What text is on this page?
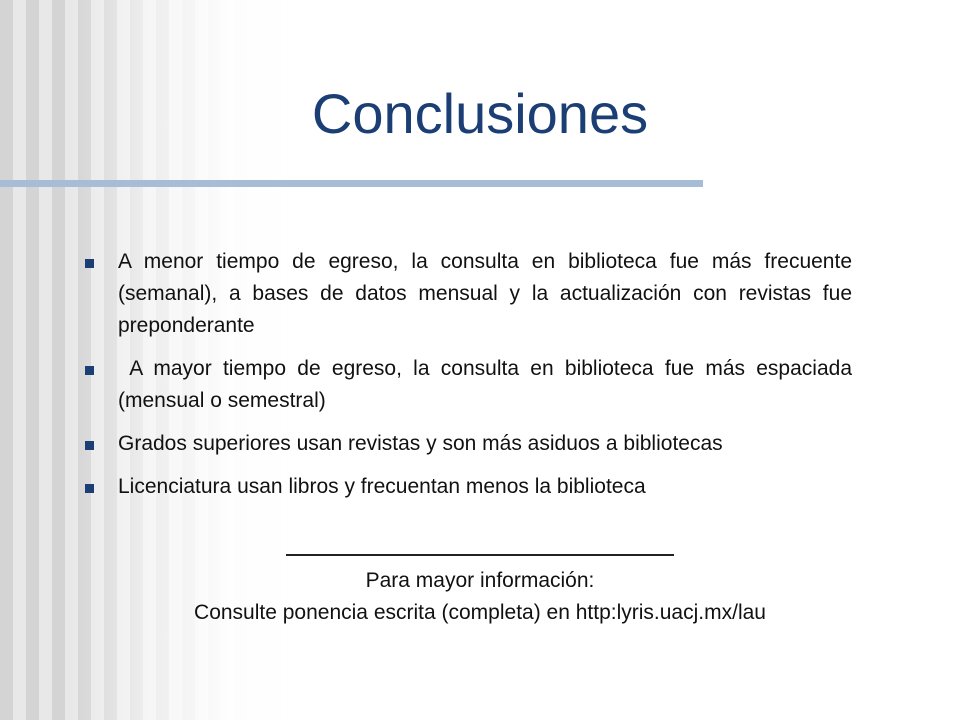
Conclusiones
A menor tiempo de egreso, la consulta en biblioteca fue más frecuente (semanal), a bases de datos mensual y la actualización con revistas fue preponderante
A mayor tiempo de egreso, la consulta en biblioteca fue más espaciada (mensual o semestral)
Grados superiores usan revistas y son más asiduos a bibliotecas
Licenciatura usan libros y frecuentan menos la biblioteca
Para mayor información:
Consulte ponencia escrita (completa) en http:lyris.uacj.mx/lau
